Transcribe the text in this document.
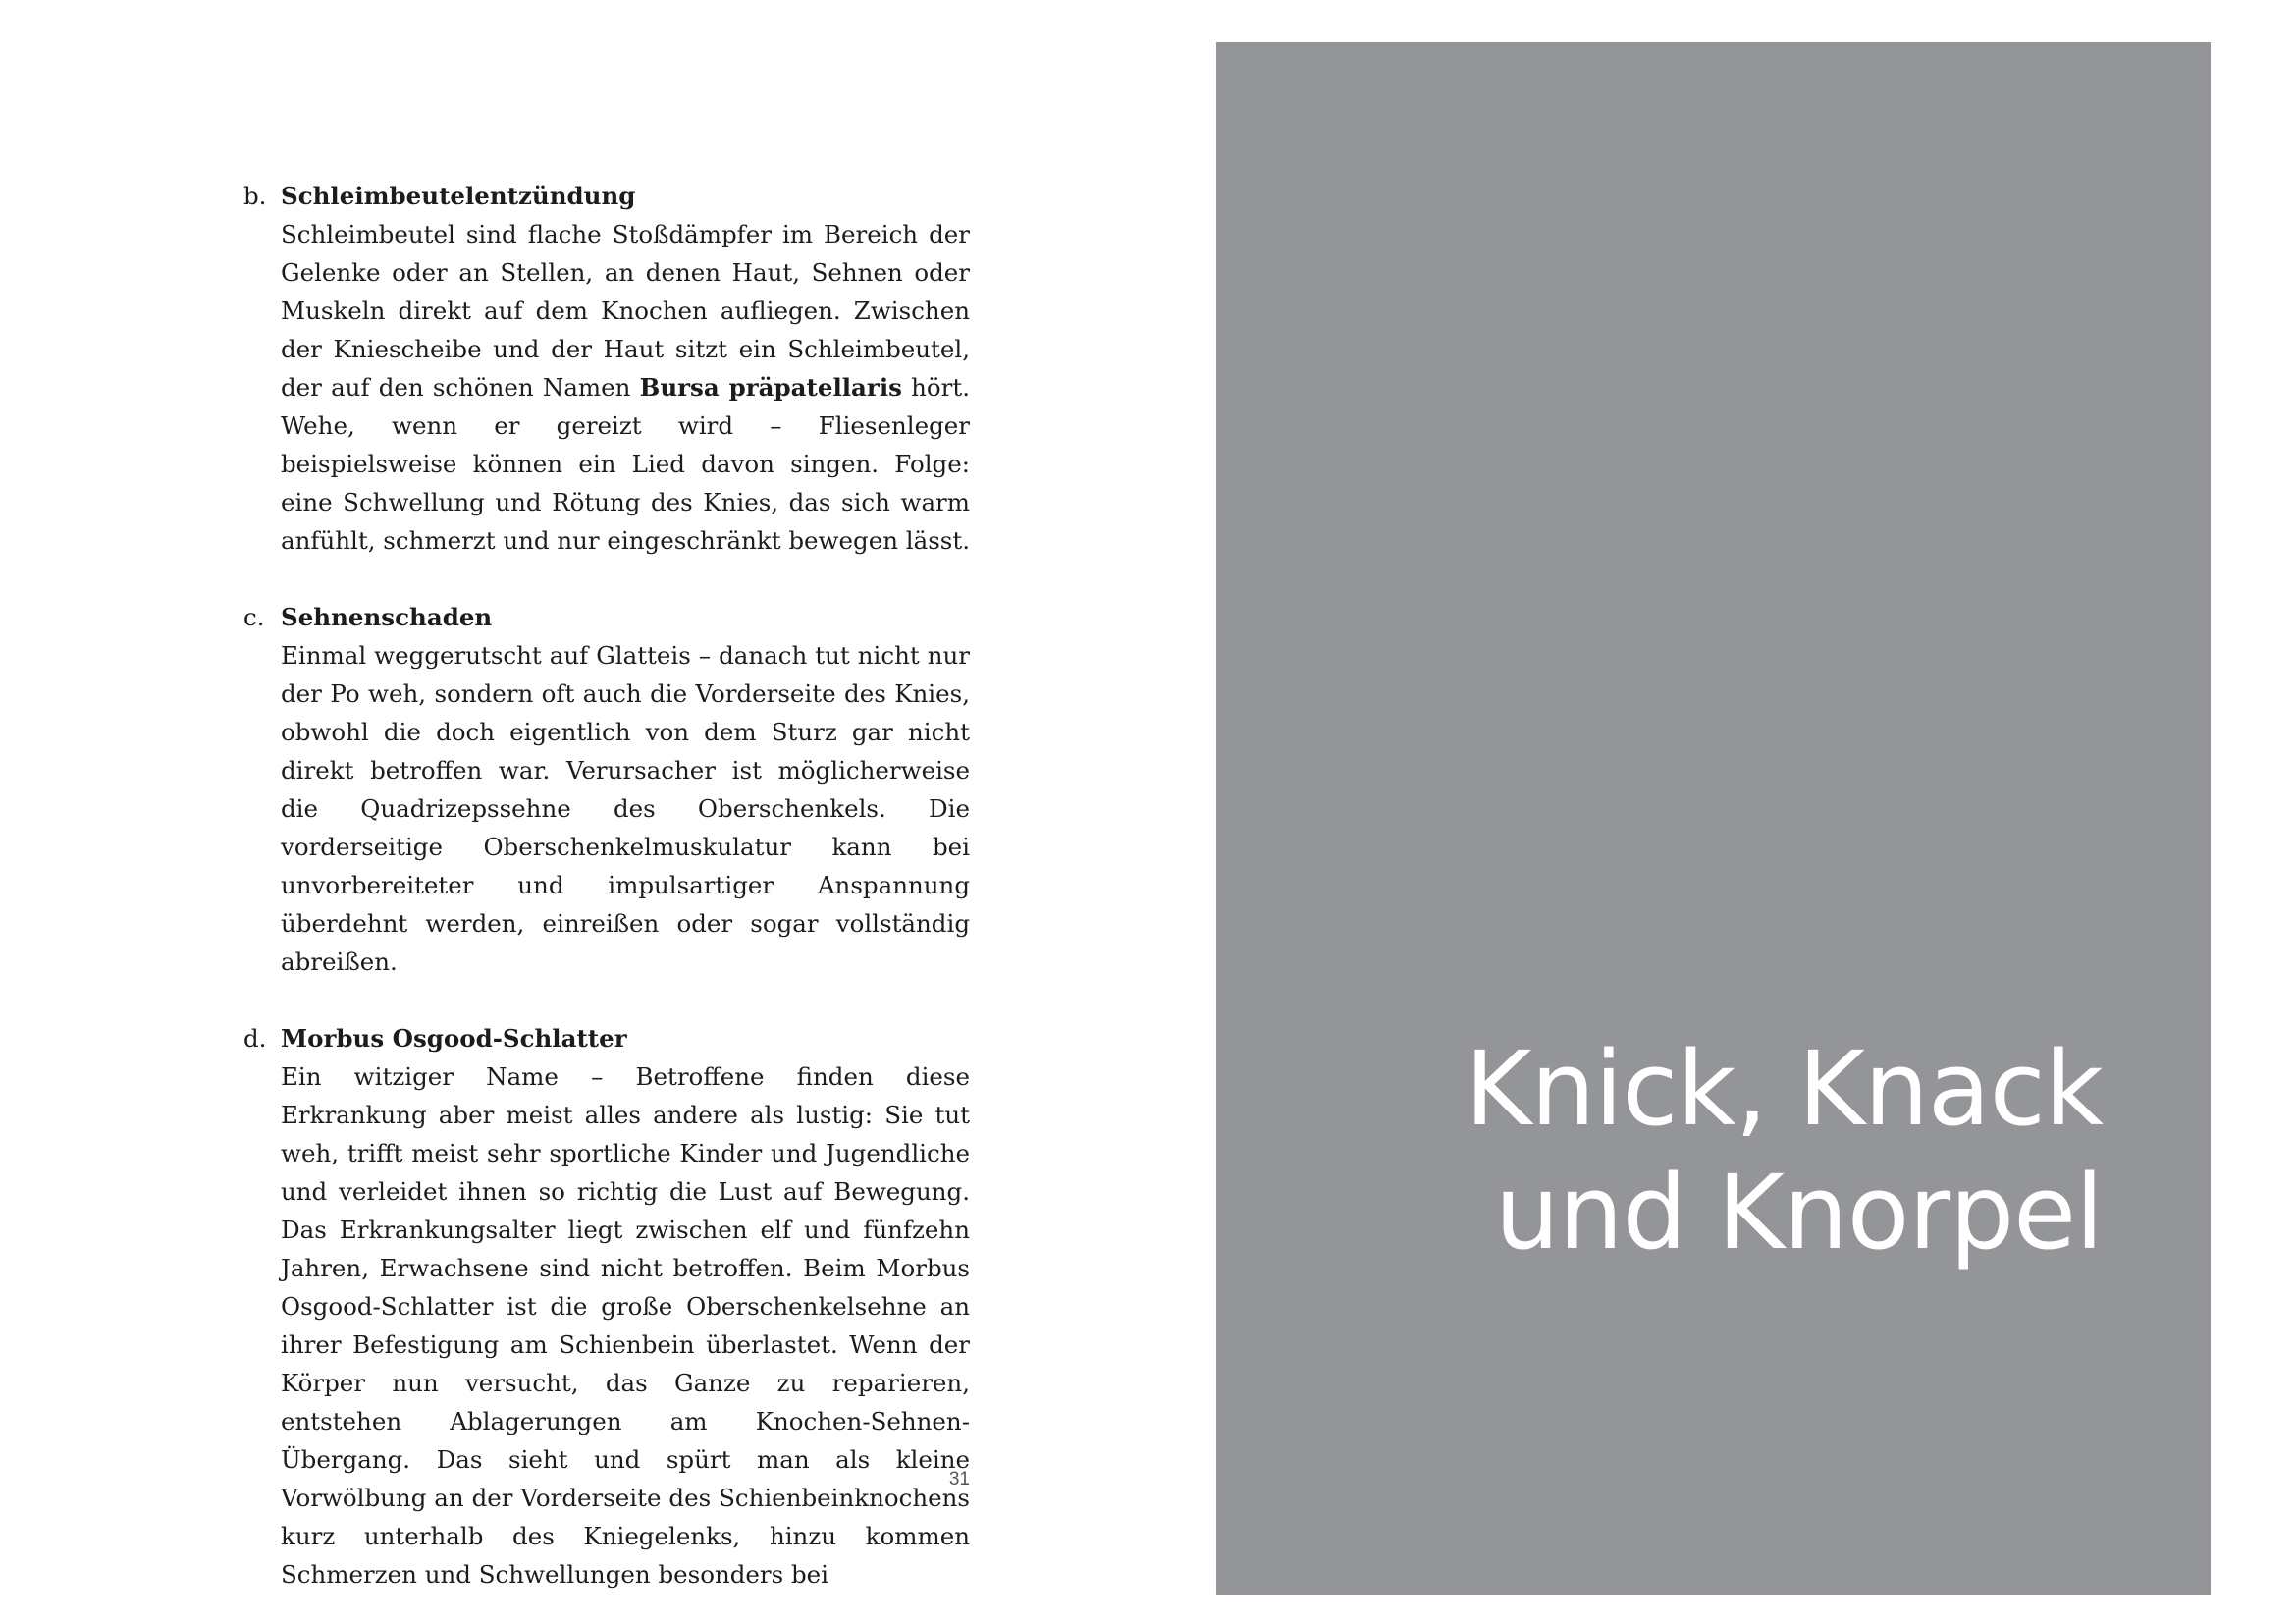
b. Schleimbeutelentzündung
Schleimbeutel sind flache Stoßdämpfer im Bereich der Gelenke oder an Stellen, an denen Haut, Sehnen oder Muskeln direkt auf dem Knochen aufliegen. Zwischen der Kniescheibe und der Haut sitzt ein Schleimbeutel, der auf den schönen Namen Bursa präpatellaris hört. Wehe, wenn er gereizt wird – Fliesenleger beispielsweise können ein Lied davon singen. Folge: eine Schwellung und Rötung des Knies, das sich warm anfühlt, schmerzt und nur eingeschränkt bewegen lässt.
c. Sehnenschaden
Einmal weggerutscht auf Glatteis – danach tut nicht nur der Po weh, sondern oft auch die Vorderseite des Knies, obwohl die doch eigentlich von dem Sturz gar nicht direkt betroffen war. Verursacher ist möglicherweise die Quadrizepssehne des Oberschenkels. Die vorderseitige Oberschenkelmuskulatur kann bei unvorbereiteter und impulsartiger Anspannung überdehnt werden, einreißen oder sogar vollständig abreißen.
d. Morbus Osgood-Schlatter
Ein witziger Name – Betroffene finden diese Erkrankung aber meist alles andere als lustig: Sie tut weh, trifft meist sehr sportliche Kinder und Jugendliche und verleidet ihnen so richtig die Lust auf Bewegung. Das Erkrankungsalter liegt zwischen elf und fünfzehn Jahren, Erwachsene sind nicht betroffen. Beim Morbus Osgood-Schlatter ist die große Oberschenkelsehne an ihrer Befestigung am Schienbein überlastet. Wenn der Körper nun versucht, das Ganze zu reparieren, entstehen Ablagerungen am Knochen-Sehnen-Übergang. Das sieht und spürt man als kleine Vorwölbung an der Vorderseite des Schienbeinknochens kurz unterhalb des Kniegelenks, hinzu kommen Schmerzen und Schwellungen besonders bei
31
Knick, Knack
und Knorpel
